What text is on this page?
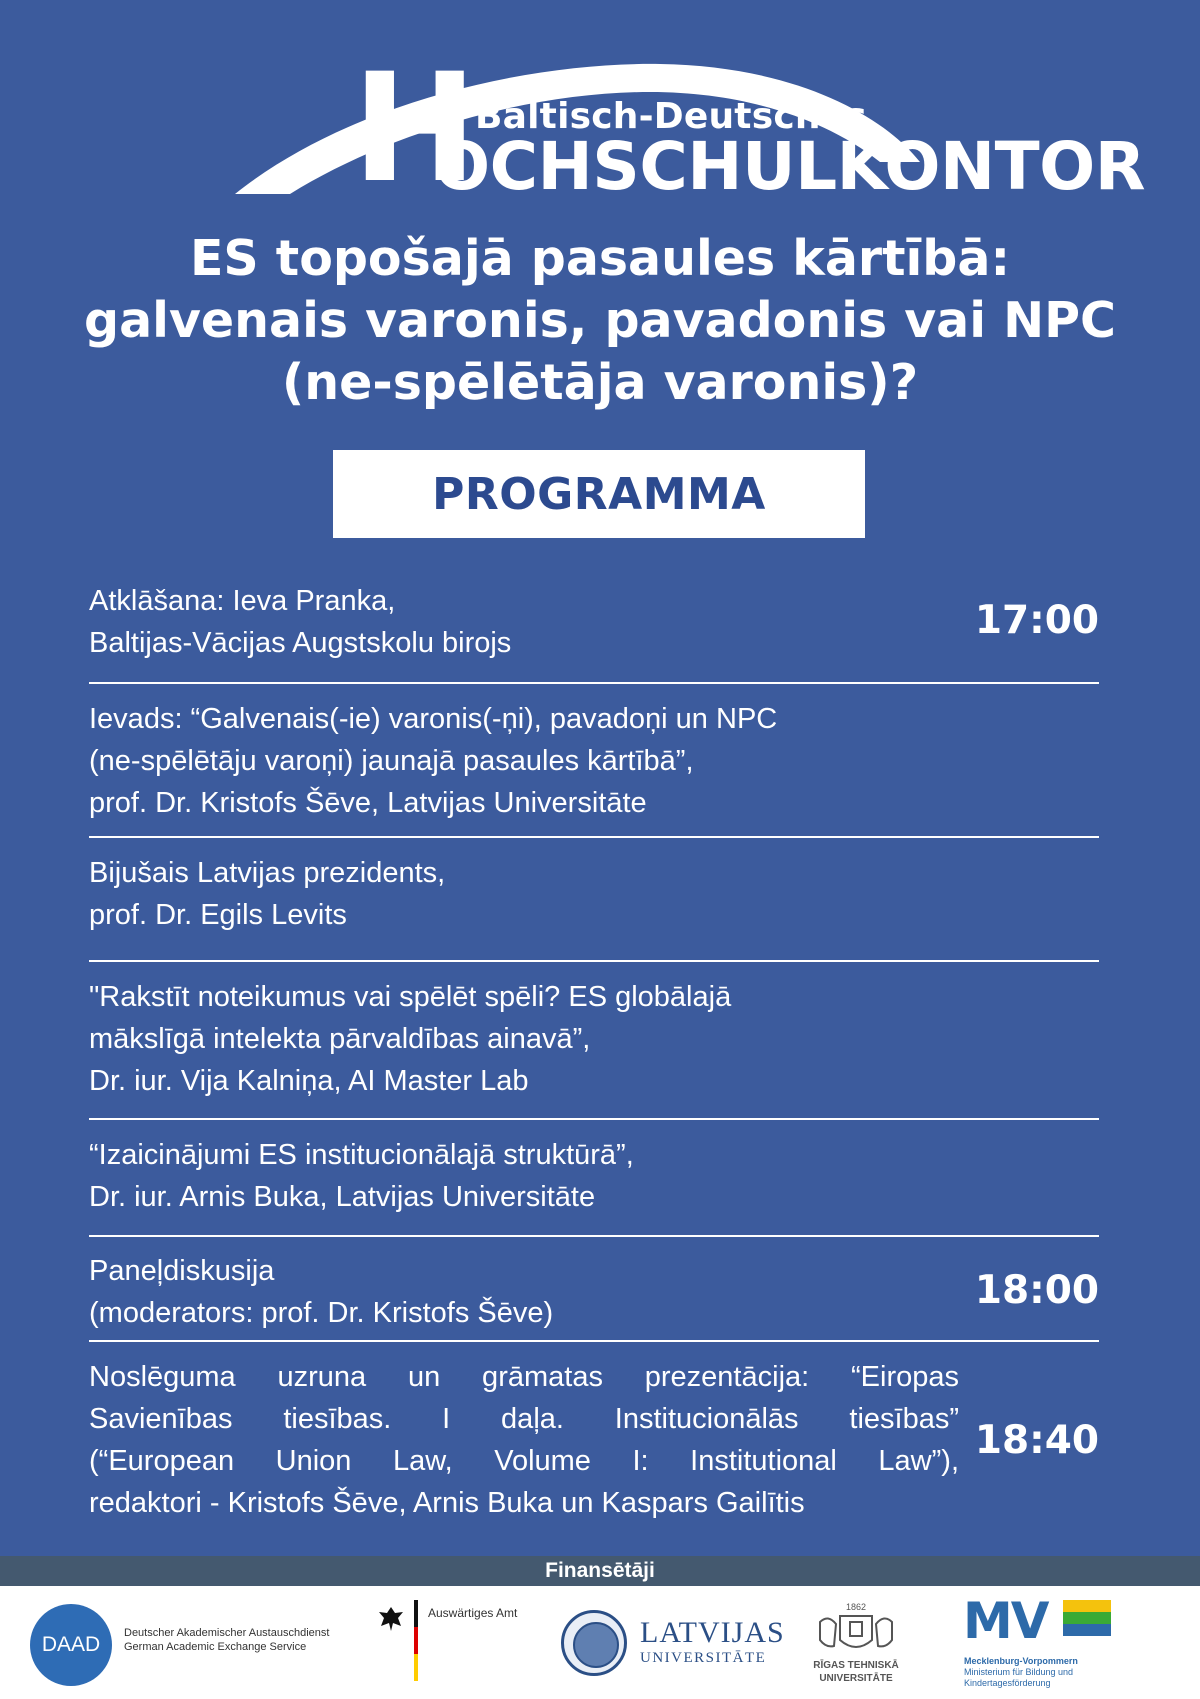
H
Baltisch-Deutsches
OCHSCHULKONTOR
ES topošajā pasaules kārtībā:
galvenais varonis, pavadonis vai NPC
(ne-spēlētāja varonis)?
PROGRAMMA
Atklāšana: Ieva Pranka,
Baltijas-Vācijas Augstskolu birojs	17:00
Ievads: “Galvenais(-ie) varonis(-ņi), pavadoņi un NPC
(ne-spēlētāju varoņi) jaunajā pasaules kārtībā”,
prof. Dr. Kristofs Šēve, Latvijas Universitāte
Bijušais Latvijas prezidents,
prof. Dr. Egils Levits
"Rakstīt noteikumus vai spēlēt spēli? ES globālajā
mākslīgā intelekta pārvaldības ainavā”,
Dr. iur. Vija Kalniņa, AI Master Lab
“Izaicinājumi ES institucionālajā struktūrā”,
Dr. iur. Arnis Buka, Latvijas Universitāte
Paneļdiskusija
(moderators: prof. Dr. Kristofs Šēve)	18:00
Noslēguma uzruna un grāmatas prezentācija: “Eiropas
Savienības tiesības. I daļa. Institucionālās tiesības”
(“European Union Law, Volume I: Institutional Law”),
redaktori - Kristofs Šēve, Arnis Buka un Kaspars Gailītis
18:40
Finansētāji
DAAD Deutscher Akademischer Austauschdienst
German Academic Exchange Service
Auswärtiges Amt
LATVIJAS
UNIVERSITĀTE
1862
RĪGAS TEHNISKĀ
UNIVERSITĀTE
MV
Mecklenburg-Vorpommern
Ministerium für Bildung und
Kindertagesförderung
